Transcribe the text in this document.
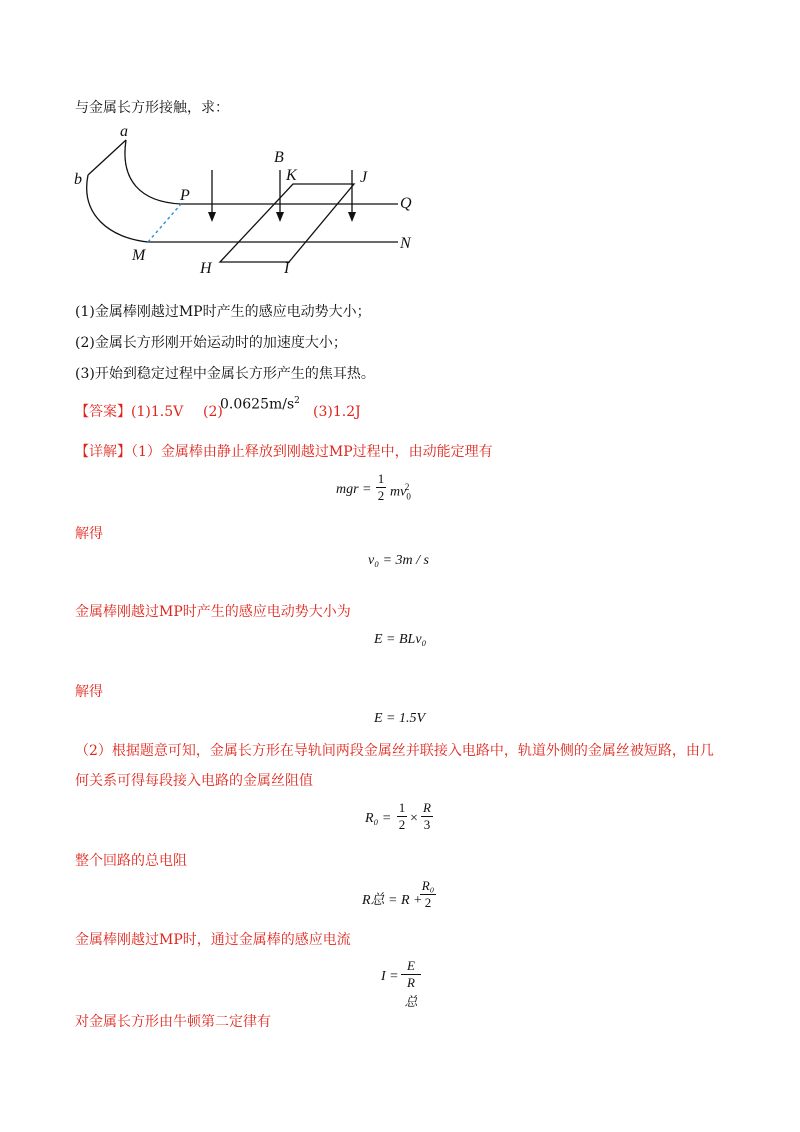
与金属长方形接触，求：
a
b
P
M
B
K	J
Q
N
H	I
(1)金属棒刚越过MP时产生的感应电动势大小；
(2)金属长方形刚开始运动时的加速度大小；
(3)开始到稳定过程中金属长方形产生的焦耳热。
【答案】(1)1.5V (2)
$0.0625m/s^2$
(3)1.2J
【详解】（1）金属棒由静止释放到刚越过MP过程中，由动能定理有
mgr = $\frac{1}{2} mv_0^2$
解得
v₀ = 3m / s
金属棒刚越过MP时产生的感应电动势大小为
E = BLv₀
解得
E = 1.5V
（2）根据题意可知，金属长方形在导轨间两段金属丝并联接入电路中，轨道外侧的金属丝被短路，由几
何关系可得每段接入电路的金属丝阻值
$R_0 = \frac{1}{2} \times \frac{R}{3}$
整个回路的总电阻
R总 = R +
$\frac{\text{R₀}}{2}$
金属棒刚越过MP时，通过金属棒的感应电流
I =
E
R总
对金属长方形由牛顿第二定律有
